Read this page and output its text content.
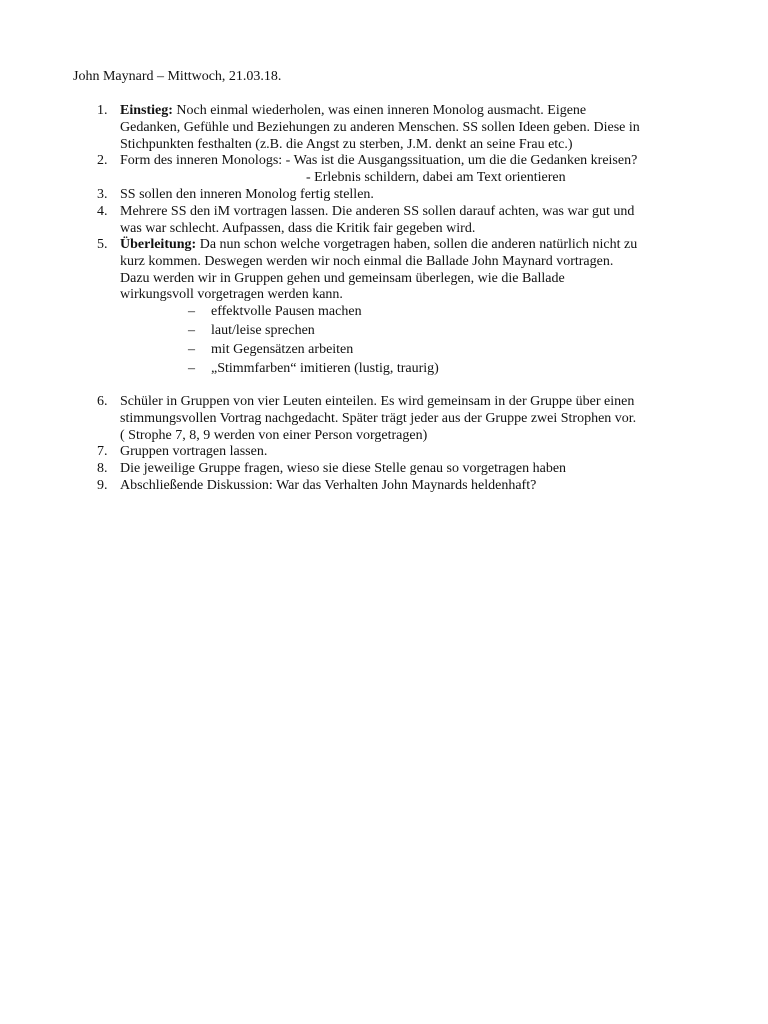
John Maynard – Mittwoch, 21.03.18.
1. Einstieg: Noch einmal wiederholen, was einen inneren Monolog ausmacht. Eigene
Gedanken, Gefühle und Beziehungen zu anderen Menschen. SS sollen Ideen geben. Diese in
Stichpunkten festhalten (z.B. die Angst zu sterben, J.M. denkt an seine Frau etc.)
2. Form des inneren Monologs: - Was ist die Ausgangssituation, um die die Gedanken kreisen?
- Erlebnis schildern, dabei am Text orientieren
3. SS sollen den inneren Monolog fertig stellen.
4. Mehrere SS den iM vortragen lassen. Die anderen SS sollen darauf achten, was war gut und
was war schlecht. Aufpassen, dass die Kritik fair gegeben wird.
5. Überleitung: Da nun schon welche vorgetragen haben, sollen die anderen natürlich nicht zu
kurz kommen. Deswegen werden wir noch einmal die Ballade John Maynard vortragen.
Dazu werden wir in Gruppen gehen und gemeinsam überlegen, wie die Ballade
wirkungsvoll vorgetragen werden kann.
– effektvolle Pausen machen
– laut/leise sprechen
– mit Gegensätzen arbeiten
– „Stimmfarben“ imitieren (lustig, traurig)
6. Schüler in Gruppen von vier Leuten einteilen. Es wird gemeinsam in der Gruppe über einen
stimmungsvollen Vortrag nachgedacht. Später trägt jeder aus der Gruppe zwei Strophen vor.
( Strophe 7, 8, 9 werden von einer Person vorgetragen)
7. Gruppen vortragen lassen.
8. Die jeweilige Gruppe fragen, wieso sie diese Stelle genau so vorgetragen haben
9. Abschließende Diskussion: War das Verhalten John Maynards heldenhaft?
